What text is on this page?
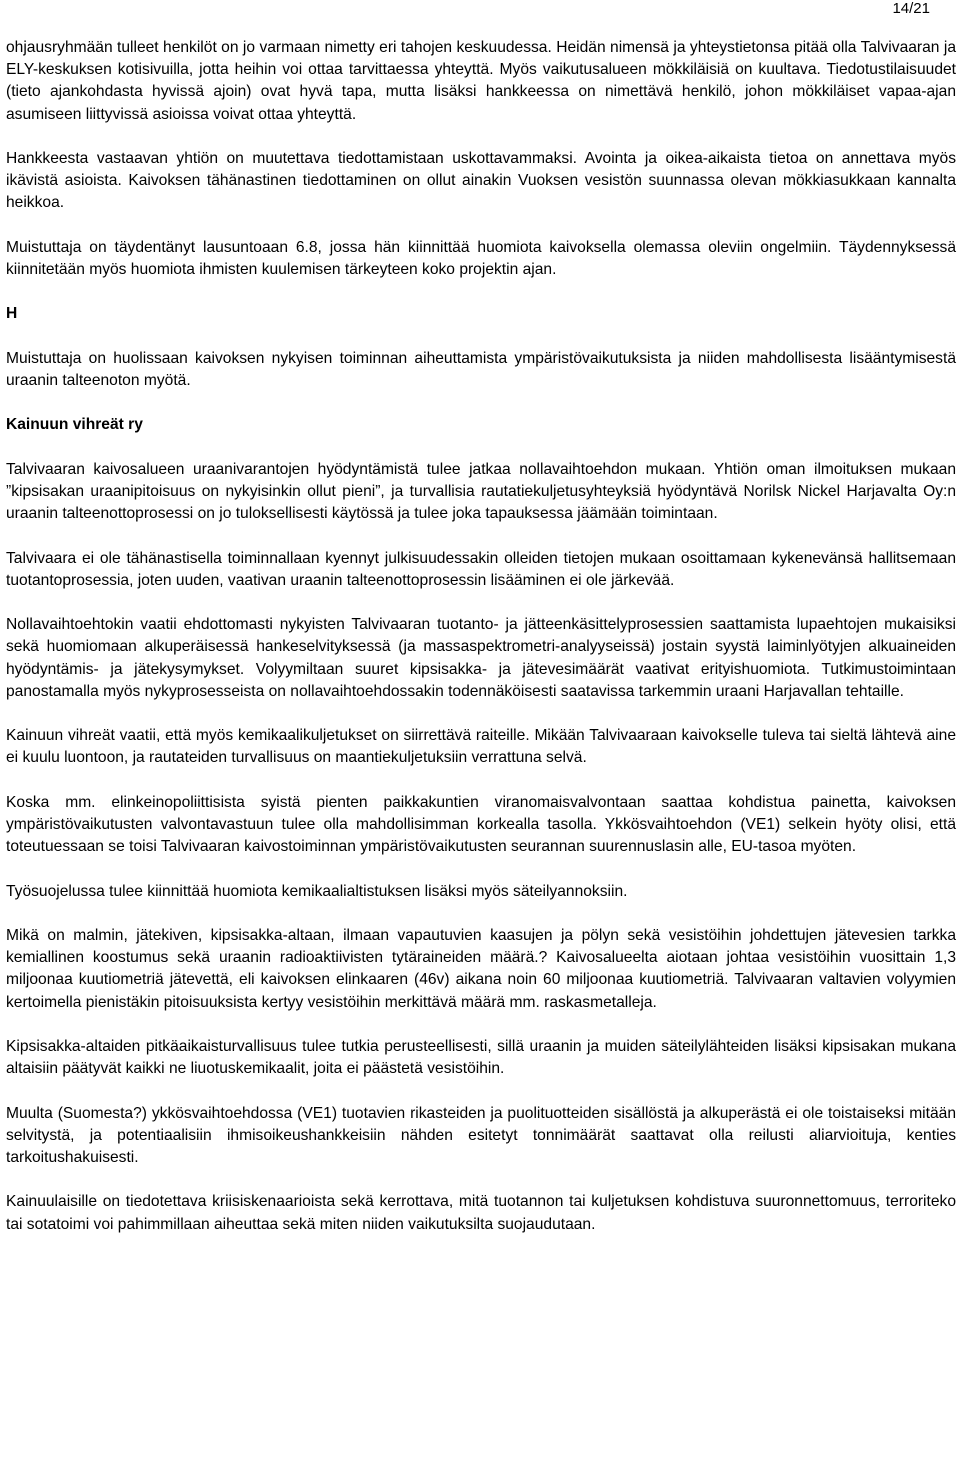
14/21

ohjausryhmään tulleet henkilöt on jo varmaan nimetty eri tahojen keskuudessa. Heidän nimensä ja yhteystietonsa pitää olla Talvivaaran ja ELY-keskuksen kotisivuilla, jotta heihin voi ottaa tarvittaessa yhteyttä. Myös vaikutusalueen mökkiläisiä on kuultava. Tiedotustilaisuudet (tieto ajankohdasta hyvissä ajoin) ovat hyvä tapa, mutta lisäksi hankkeessa on nimettävä henkilö, johon mökkiläiset vapaa-ajan asumiseen liittyvissä asioissa voivat ottaa yhteyttä.

Hankkeesta vastaavan yhtiön on muutettava tiedottamistaan uskottavammaksi. Avointa ja oikea-aikaista tietoa on annettava myös ikävistä asioista. Kaivoksen tähänastinen tiedottaminen on ollut ainakin Vuoksen vesistön suunnassa olevan mökkiasukkaan kannalta heikkoa.

Muistuttaja on täydentänyt lausuntoaan 6.8, jossa hän kiinnittää huomiota kaivoksella olemassa oleviin ongelmiin. Täydennyksessä kiinnitetään myös huomiota ihmisten kuulemisen tärkeyteen koko projektin ajan.

H

Muistuttaja on huolissaan kaivoksen nykyisen toiminnan aiheuttamista ympäristövaikutuksista ja niiden mahdollisesta lisääntymisestä uraanin talteenoton myötä.

Kainuun vihreät ry

Talvivaaran kaivosalueen uraanivarantojen hyödyntämistä tulee jatkaa nollavaihtoehdon mukaan. Yhtiön oman ilmoituksen mukaan ”kipsisakan uraanipitoisuus on nykyisinkin ollut pieni”, ja turvallisia rautatiekuljetusyhteyksiä hyödyntävä Norilsk Nickel Harjavalta Oy:n uraanin talteenottoprosessi on jo tuloksellisesti käytössä ja tulee joka tapauksessa jäämään toimintaan.

Talvivaara ei ole tähänastisella toiminnallaan kyennyt julkisuudessakin olleiden tietojen mukaan osoittamaan kykenevänsä hallitsemaan tuotantoprosessia, joten uuden, vaativan uraanin talteenottoprosessin lisääminen ei ole järkevää.

Nollavaihtoehtokin vaatii ehdottomasti nykyisten Talvivaaran tuotanto- ja jätteenkäsittelyprosessien saattamista lupaehtojen mukaisiksi sekä huomiomaan alkuperäisessä hankeselvityksessä (ja massaspektrometri-analyyseissä) jostain syystä laiminlyötyjen alkuaineiden hyödyntämis- ja jätekysymykset. Volyymiltaan suuret kipsisakka- ja jätevesimäärät vaativat erityishuomiota. Tutkimustoimintaan panostamalla myös nykyprosesseista on nollavaihtoehdossakin todennäköisesti saatavissa tarkemmin uraani Harjavallan tehtaille.

Kainuun vihreät vaatii, että myös kemikaalikuljetukset on siirrettävä raiteille. Mikään Talvivaaraan kaivokselle tuleva tai sieltä lähtevä aine ei kuulu luontoon, ja rautateiden turvallisuus on maantiekuljetuksiin verrattuna selvä.

Koska mm. elinkeinopoliittisista syistä pienten paikkakuntien viranomaisvalvontaan saattaa kohdistua painetta, kaivoksen ympäristövaikutusten valvontavastuun tulee olla mahdollisimman korkealla tasolla. Ykkösvaihtoehdon (VE1) selkein hyöty olisi, että toteutuessaan se toisi Talvivaaran kaivostoiminnan ympäristövaikutusten seurannan suurennuslasin alle, EU-tasoa myöten.

Työsuojelussa tulee kiinnittää huomiota kemikaalialtistuksen lisäksi myös säteilyannoksiin.

Mikä on malmin, jätekiven, kipsisakka-altaan, ilmaan vapautuvien kaasujen ja pölyn sekä vesistöihin johdettujen jätevesien tarkka kemiallinen koostumus sekä uraanin radioaktiivisten tytäraineiden määrä.? Kaivosalueelta aiotaan johtaa vesistöihin vuosittain 1,3 miljoonaa kuutiometriä jätevettä, eli kaivoksen elinkaaren (46v) aikana noin 60 miljoonaa kuutiometriä. Talvivaaran valtavien volyymien kertoimella pienistäkin pitoisuuksista kertyy vesistöihin merkittävä määrä mm. raskasmetalleja.

Kipsisakka-altaiden pitkäaikaisturvallisuus tulee tutkia perusteellisesti, sillä uraanin ja muiden säteilylähteiden lisäksi kipsisakan mukana altaisiin päätyvät kaikki ne liuotuskemikaalit, joita ei päästetä vesistöihin.

Muulta (Suomesta?) ykkösvaihtoehdossa (VE1) tuotavien rikasteiden ja puolituotteiden sisällöstä ja alkuperästä ei ole toistaiseksi mitään selvitystä, ja potentiaalisiin ihmisoikeushankkeisiin nähden esitetyt tonnimäärät saattavat olla reilusti aliarvioituja, kenties tarkoitushakuisesti.

Kainuulaisille on tiedotettava kriisiskenaarioista sekä kerrottava, mitä tuotannon tai kuljetuksen kohdistuva suuronnettomuus, terroriteko tai sotatoimi voi pahimmillaan aiheuttaa sekä miten niiden vaikutuksilta suojaudutaan.
